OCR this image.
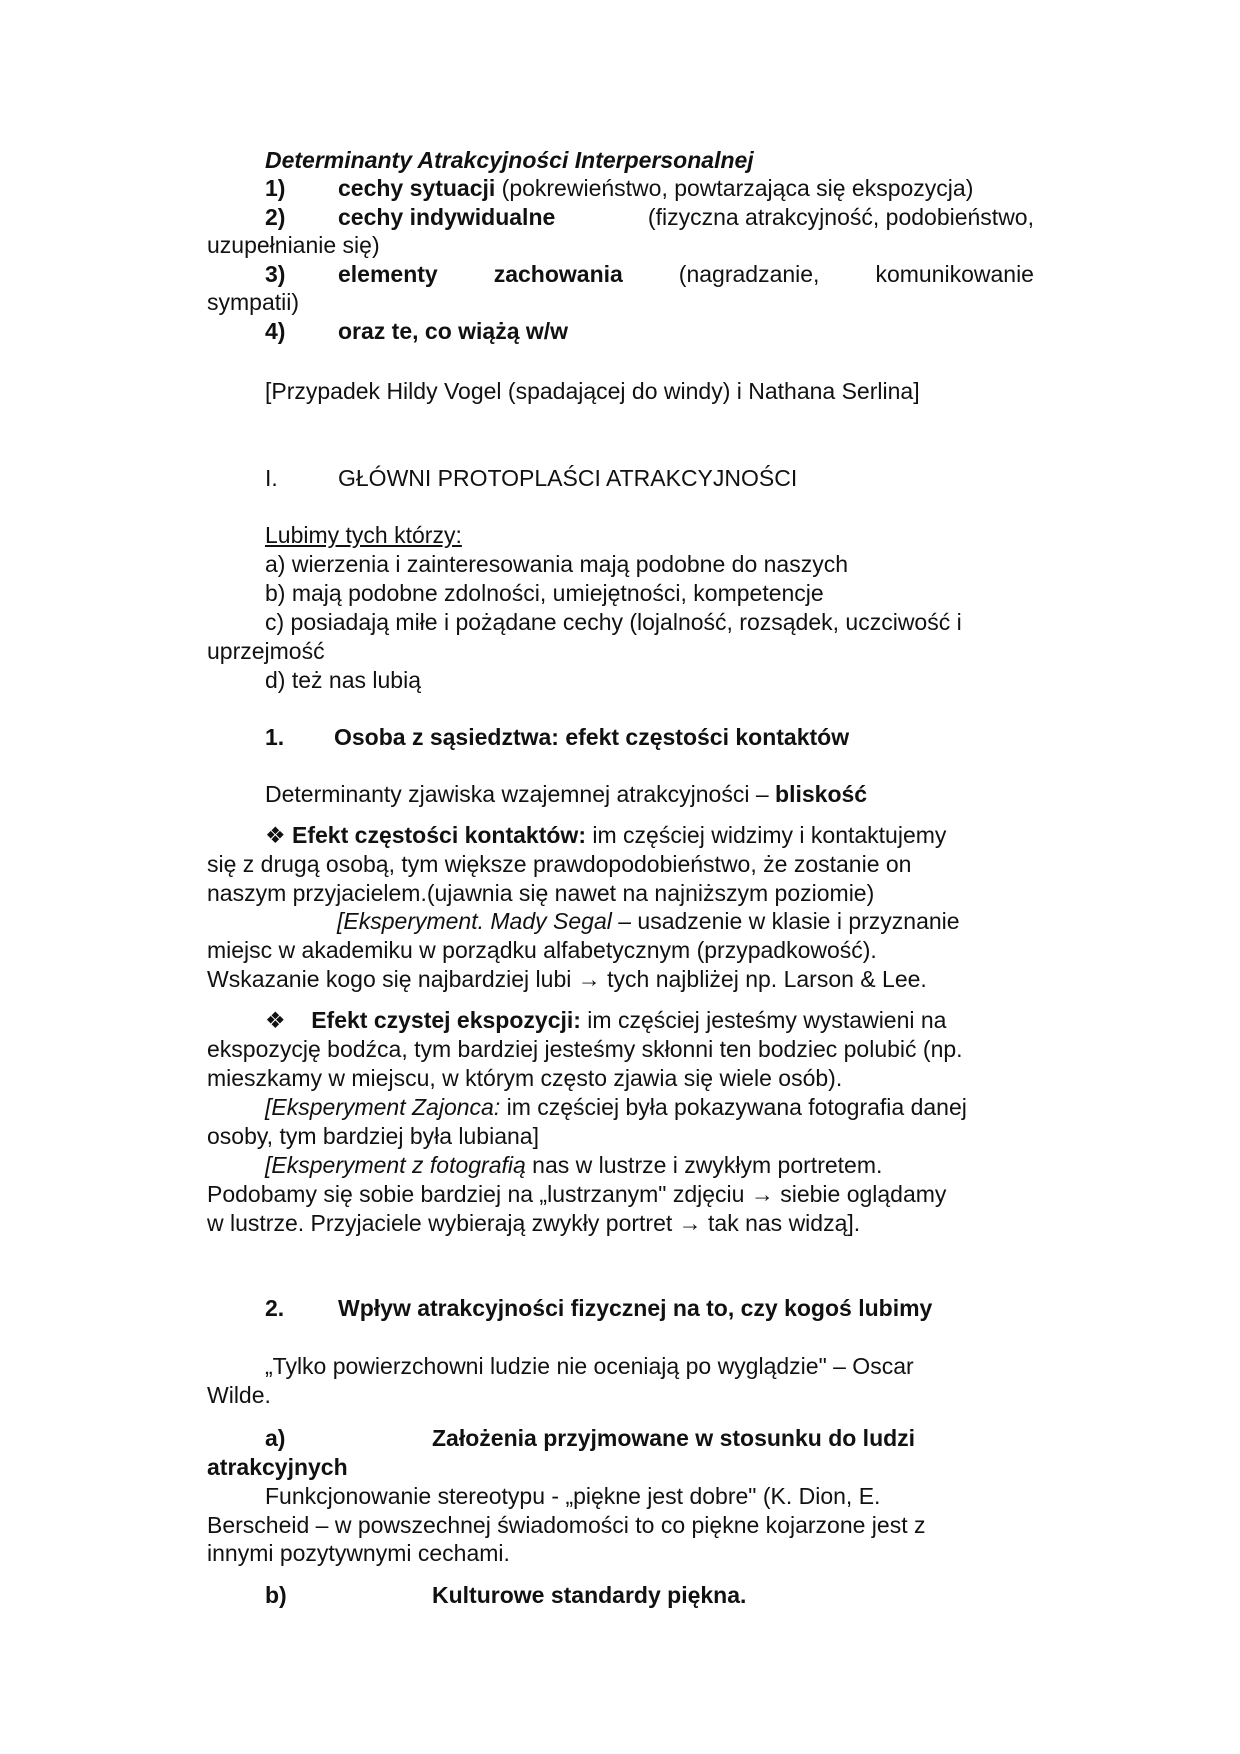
Determinanty Atrakcyjności Interpersonalnej
1) cechy sytuacji (pokrewieństwo, powtarzająca się ekspozycja)
2) cechy indywidualne	(fizyczna atrakcyjność, podobieństwo,
uzupełnianie się)
3) elementy zachowania (nagradzanie, komunikowanie
sympatii)
4) oraz te, co wiążą w/w
[Przypadek Hildy Vogel (spadającej do windy) i Nathana Serlina]
I.	GŁÓWNI PROTOPLAŚCI ATRAKCYJNOŚCI
Lubimy tych którzy:
a) wierzenia i zainteresowania mają podobne do naszych
b) mają podobne zdolności, umiejętności, kompetencje
c) posiadają miłe i pożądane cechy (lojalność, rozsądek, uczciwość i
uprzejmość
d) też nas lubią
1. Osoba z sąsiedztwa: efekt częstości kontaktów
Determinanty zjawiska wzajemnej atrakcyjności – bliskość
❖ Efekt częstości kontaktów: im częściej widzimy i kontaktujemy
się z drugą osobą, tym większe prawdopodobieństwo, że zostanie on
naszym przyjacielem.(ujawnia się nawet na najniższym poziomie)
[Eksperyment. Mady Segal – usadzenie w klasie i przyznanie
miejsc w akademiku w porządku alfabetycznym (przypadkowość).
Wskazanie kogo się najbardziej lubi → tych najbliżej np. Larson & Lee.
❖ Efekt czystej ekspozycji: im częściej jesteśmy wystawieni na
ekspozycję bodźca, tym bardziej jesteśmy skłonni ten bodziec polubić (np.
mieszkamy w miejscu, w którym często zjawia się wiele osób).
[Eksperyment Zajonca: im częściej była pokazywana fotografia danej
osoby, tym bardziej była lubiana]
[Eksperyment z fotografią nas w lustrze i zwykłym portretem.
Podobamy się sobie bardziej na „lustrzanym" zdjęciu → siebie oglądamy
w lustrze. Przyjaciele wybierają zwykły portret → tak nas widzą].
2. Wpływ atrakcyjności fizycznej na to, czy kogoś lubimy
„Tylko powierzchowni ludzie nie oceniają po wyglądzie" – Oscar
Wilde.
a)	Założenia przyjmowane w stosunku do ludzi
atrakcyjnych
Funkcjonowanie stereotypu - „piękne jest dobre" (K. Dion, E.
Berscheid – w powszechnej świadomości to co piękne kojarzone jest z
innymi pozytywnymi cechami.
b)	Kulturowe standardy piękna.
